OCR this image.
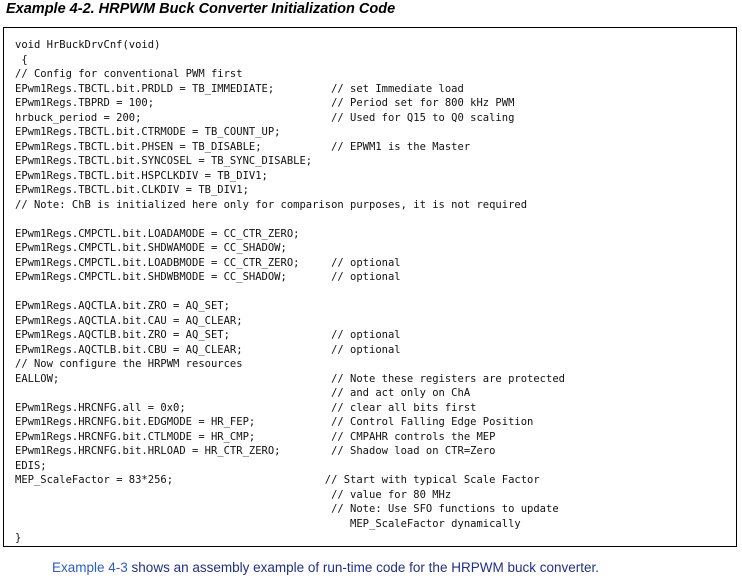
Example 4-2. HRPWM Buck Converter Initialization Code
void HrBuckDrvCnf(void)
{
// Config for conventional PWM first
EPwm1Regs.TBCTL.bit.PRDLD = TB_IMMEDIATE;         // set Immediate load
EPwm1Regs.TBPRD = 100;                            // Period set for 800 kHz PWM
hrbuck_period = 200;                              // Used for Q15 to Q0 scaling
EPwm1Regs.TBCTL.bit.CTRMODE = TB_COUNT_UP;
EPwm1Regs.TBCTL.bit.PHSEN = TB_DISABLE;           // EPWM1 is the Master
EPwm1Regs.TBCTL.bit.SYNCOSEL = TB_SYNC_DISABLE;
EPwm1Regs.TBCTL.bit.HSPCLKDIV = TB_DIV1;
EPwm1Regs.TBCTL.bit.CLKDIV = TB_DIV1;
// Note: ChB is initialized here only for comparison purposes, it is not required

EPwm1Regs.CMPCTL.bit.LOADAMODE = CC_CTR_ZERO;
EPwm1Regs.CMPCTL.bit.SHDWAMODE = CC_SHADOW;
EPwm1Regs.CMPCTL.bit.LOADBMODE = CC_CTR_ZERO;     // optional
EPwm1Regs.CMPCTL.bit.SHDWBMODE = CC_SHADOW;       // optional

EPwm1Regs.AQCTLA.bit.ZRO = AQ_SET;
EPwm1Regs.AQCTLA.bit.CAU = AQ_CLEAR;
EPwm1Regs.AQCTLB.bit.ZRO = AQ_SET;                // optional
EPwm1Regs.AQCTLB.bit.CBU = AQ_CLEAR;              // optional
// Now configure the HRPWM resources
EALLOW;                                           // Note these registers are protected
// and act only on ChA
EPwm1Regs.HRCNFG.all = 0x0;                       // clear all bits first
EPwm1Regs.HRCNFG.bit.EDGMODE = HR_FEP;            // Control Falling Edge Position
EPwm1Regs.HRCNFG.bit.CTLMODE = HR_CMP;            // CMPAHR controls the MEP
EPwm1Regs.HRCNFG.bit.HRLOAD = HR_CTR_ZERO;        // Shadow load on CTR=Zero
EDIS;
MEP_ScaleFactor = 83*256;                        // Start with typical Scale Factor
// value for 80 MHz
// Note: Use SFO functions to update
MEP_ScaleFactor dynamically
}
Example 4-3 shows an assembly example of run-time code for the HRPWM buck converter.
